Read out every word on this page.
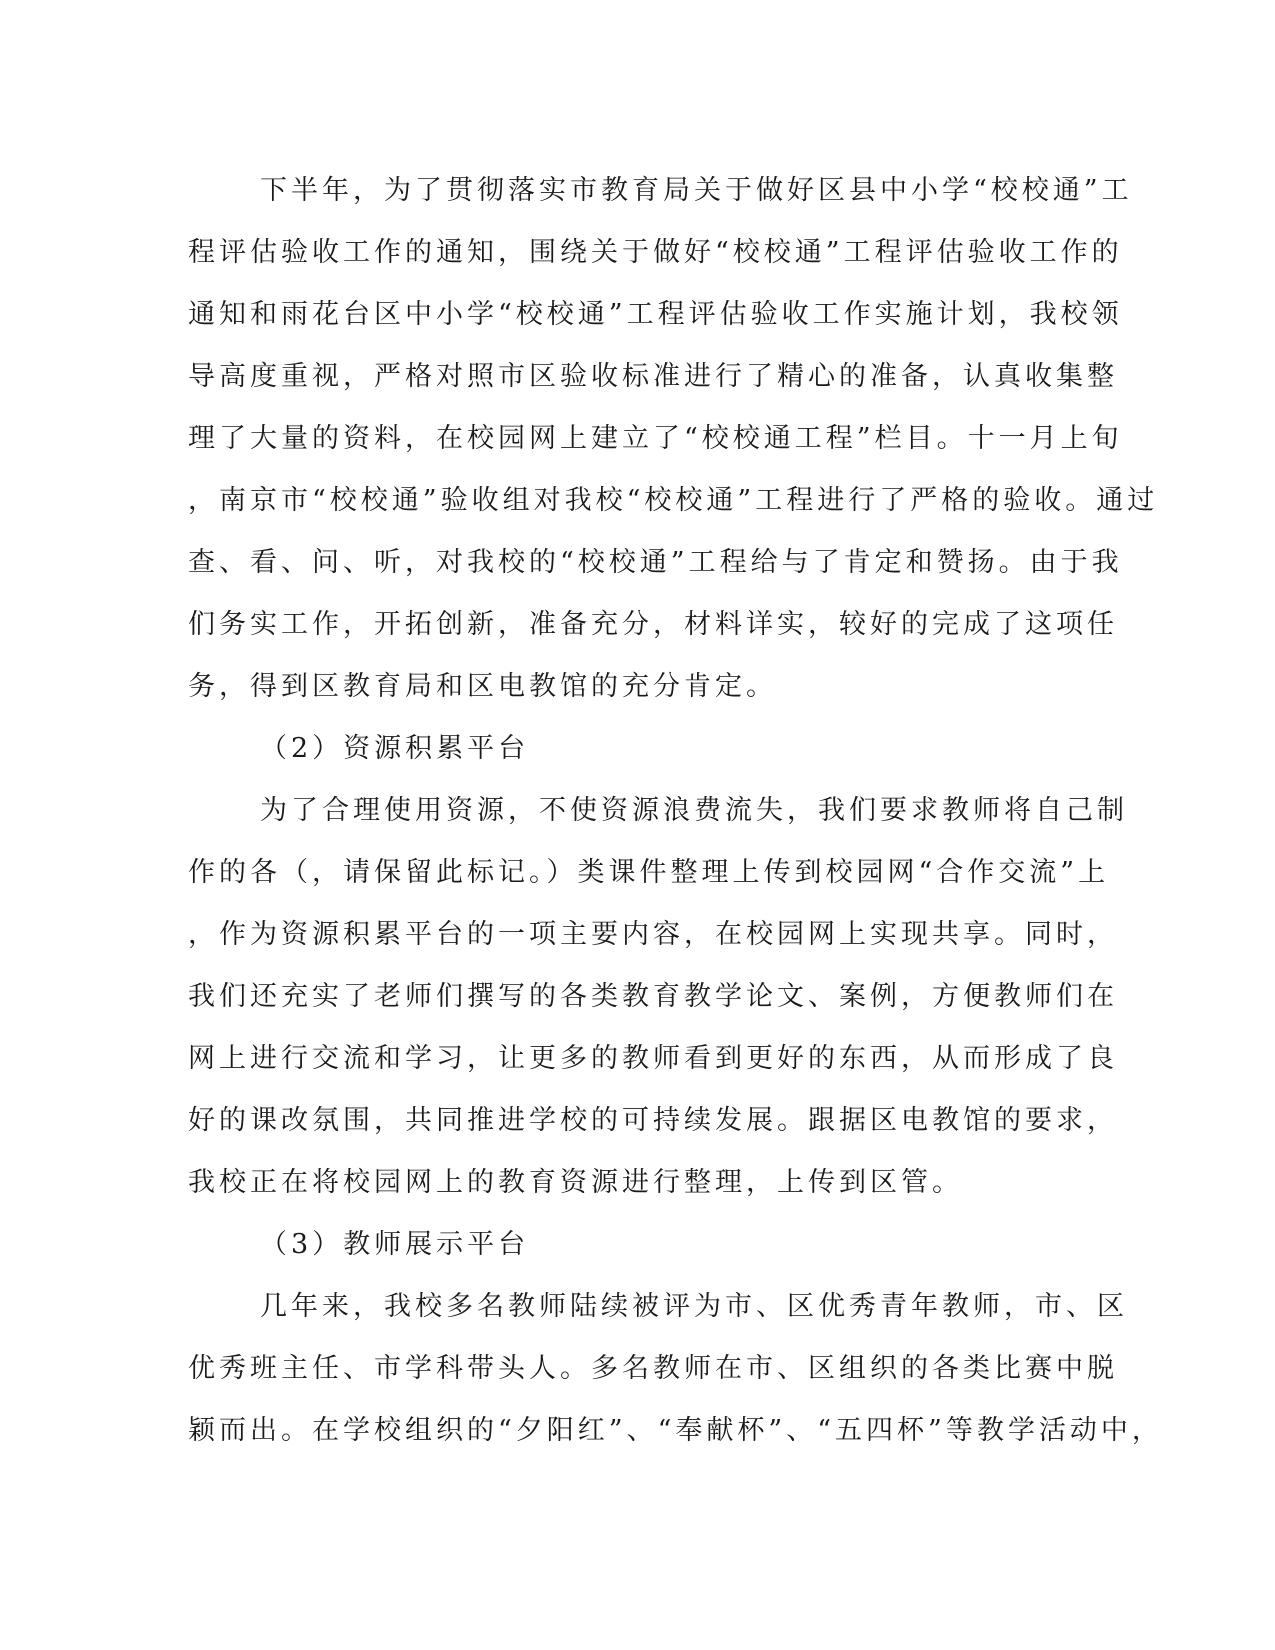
下半年，为了贯彻落实市教育局关于做好区县中小学“校校通”工
程评估验收工作的通知，围绕关于做好“校校通”工程评估验收工作的
通知和雨花台区中小学“校校通”工程评估验收工作实施计划，我校领
导高度重视，严格对照市区验收标准进行了精心的准备，认真收集整
理了大量的资料，在校园网上建立了“校校通工程”栏目。十一月上旬
，南京市“校校通”验收组对我校“校校通”工程进行了严格的验收。通过
查、看、问、听，对我校的“校校通”工程给与了肯定和赞扬。由于我
们务实工作，开拓创新，准备充分，材料详实，较好的完成了这项任
务，得到区教育局和区电教馆的充分肯定。
（2）资源积累平台
为了合理使用资源，不使资源浪费流失，我们要求教师将自己制
作的各（，请保留此标记。）类课件整理上传到校园网“合作交流”上
，作为资源积累平台的一项主要内容，在校园网上实现共享。同时，
我们还充实了老师们撰写的各类教育教学论文、案例，方便教师们在
网上进行交流和学习，让更多的教师看到更好的东西，从而形成了良
好的课改氛围，共同推进学校的可持续发展。跟据区电教馆的要求，
我校正在将校园网上的教育资源进行整理，上传到区管。
（3）教师展示平台
几年来，我校多名教师陆续被评为市、区优秀青年教师，市、区
优秀班主任、市学科带头人。多名教师在市、区组织的各类比赛中脱
颖而出。在学校组织的“夕阳红”、“奉献杯”、“五四杯”等教学活动中，
